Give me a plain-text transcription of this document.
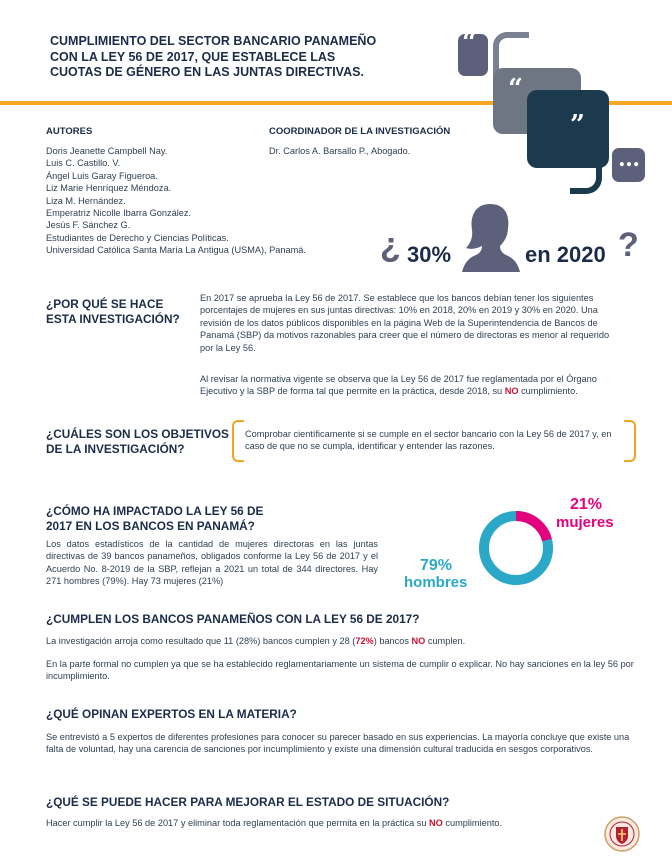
CUMPLIMIENTO DEL SECTOR BANCARIO PANAMEÑO CON LA LEY 56 DE 2017, QUE ESTABLECE LAS CUOTAS DE GÉNERO EN LAS JUNTAS DIRECTIVAS.
“
“
”
…
AUTORES
Doris Jeanette Campbell Nay.
Luis C. Castillo. V.
Ángel Luis Garay Figueroa.
Liz Marie Henríquez Méndoza.
Liza M. Hernández.
Emperatriz Nicolle Ibarra González.
Jesús F. Sánchez G.
Estudiantes de Derecho y Ciencias Políticas.
Universidad Católica Santa María La Antigua (USMA), Panamá.
COORDINADOR DE LA INVESTIGACIÓN
Dr. Carlos A. Barsallo P., Abogado.
¿ 30%	en 2020 ?
¿POR QUÉ SE HACE ESTA INVESTIGACIÓN?
En 2017 se aprueba la Ley 56 de 2017. Se establece que los bancos debían tener los siguientes porcentajes de mujeres en sus juntas directivas: 10% en 2018, 20% en 2019 y 30% en 2020. Una revisión de los datos públicos disponibles en la página Web de la Superintendencia de Bancos de Panamá (SBP) da motivos razonables para creer que el número de directoras es menor al requerido por la Ley 56.
Al revisar la normativa vigente se observa que la Ley 56 de 2017 fue reglamentada por el Órgano Ejecutivo y la SBP de forma tal que permite en la práctica, desde 2018, su NO cumplimiento.
¿CUÁLES SON LOS OBJETIVOS DE LA INVESTIGACIÓN?
Comprobar científicamente si se cumple en el sector bancario con la Ley 56 de 2017 y, en caso de que no se cumpla, identificar y entender las razones.
¿CÓMO HA IMPACTADO LA LEY 56 DE 2017 EN LOS BANCOS EN PANAMÁ?
Los datos estadísticos de la cantidad de mujeres directoras en las juntas directivas de 39 bancos panameños, obligados conforme la Ley 56 de 2017 y el Acuerdo No. 8-2019 de la SBP, reflejan a 2021 un total de 344 directores. Hay 271 hombres (79%). Hay 73 mujeres (21%)
21%
mujeres
79%
hombres
¿CUMPLEN LOS BANCOS PANAMEÑOS CON LA LEY 56 DE 2017?
La investigación arroja como resultado que 11 (28%) bancos cumplen y 28 (72%) bancos NO cumplen.
En la parte formal no cumplen ya que se ha establecido reglamentariamente un sistema de cumplir o explicar. No hay sanciones en la ley 56 por incumplimiento.
¿QUÉ OPINAN EXPERTOS EN LA MATERIA?
Se entrevistó a 5 expertos de diferentes profesiones para conocer su parecer basado en sus experiencias. La mayoría concluye que existe una falta de voluntad, hay una carencia de sanciones por incumplimiento y existe una dimensión cultural traducida en sesgos corporativos.
¿QUÉ SE PUEDE HACER PARA MEJORAR EL ESTADO DE SITUACIÓN?
Hacer cumplir la Ley 56 de 2017 y eliminar toda reglamentación que permita en la práctica su NO cumplimiento.
